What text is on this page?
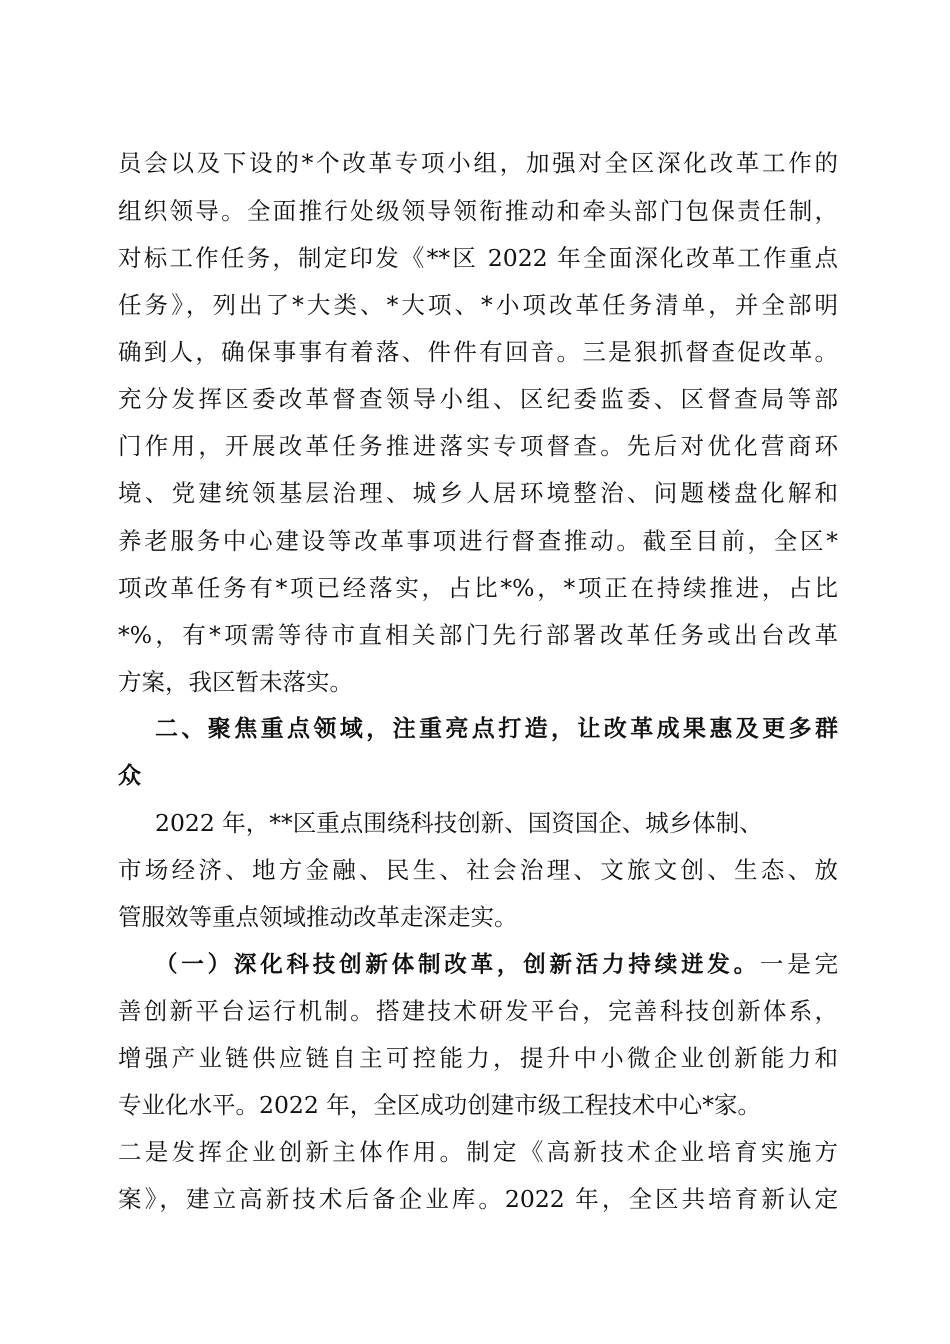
员会以及下设的*个改革专项小组，加强对全区深化改革工作的
组织领导。全面推行处级领导领衔推动和牵头部门包保责任制，
对标工作任务，制定印发《**区 2022 年全面深化改革工作重点
任务》，列出了*大类、*大项、*小项改革任务清单，并全部明
确到人，确保事事有着落、件件有回音。三是狠抓督查促改革。
充分发挥区委改革督查领导小组、区纪委监委、区督查局等部
门作用，开展改革任务推进落实专项督查。先后对优化营商环
境、党建统领基层治理、城乡人居环境整治、问题楼盘化解和
养老服务中心建设等改革事项进行督查推动。截至目前，全区*
项改革任务有*项已经落实，占比*%，*项正在持续推进，占比
*%，有*项需等待市直相关部门先行部署改革任务或出台改革
方案，我区暂未落实。
二、聚焦重点领域，注重亮点打造，让改革成果惠及更多群
众
2022 年，**区重点围绕科技创新、国资国企、城乡体制、
市场经济、地方金融、民生、社会治理、文旅文创、生态、放
管服效等重点领域推动改革走深走实。
（一）深化科技创新体制改革，创新活力持续迸发。一是完
善创新平台运行机制。搭建技术研发平台，完善科技创新体系，
增强产业链供应链自主可控能力，提升中小微企业创新能力和
专业化水平。2022 年，全区成功创建市级工程技术中心*家。
二是发挥企业创新主体作用。制定《高新技术企业培育实施方
案》，建立高新技术后备企业库。2022 年，全区共培育新认定
